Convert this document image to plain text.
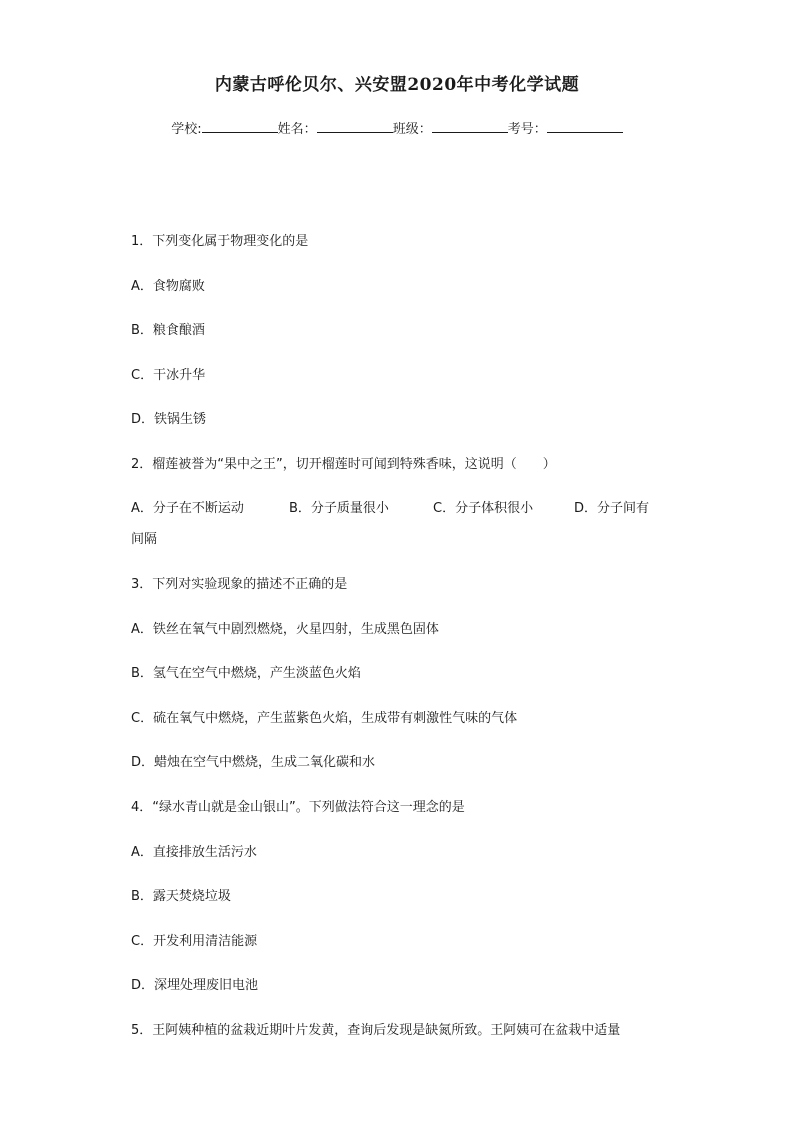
内蒙古呼伦贝尔、兴安盟2020年中考化学试题
学校:	姓名：	班级：	考号：
1．下列变化属于物理变化的是
A．食物腐败
B．粮食酿酒
C．干冰升华
D．铁锅生锈
2．榴莲被誉为“果中之王”，切开榴莲时可闻到特殊香味，这说明（　　）
A．分子在不断运动	B．分子质量很小	C．分子体积很小	D．分子间有
间隔
3．下列对实验现象的描述不正确的是
A．铁丝在氧气中剧烈燃烧，火星四射，生成黑色固体
B．氢气在空气中燃烧，产生淡蓝色火焰
C．硫在氧气中燃烧，产生蓝紫色火焰，生成带有刺激性气味的气体
D．蜡烛在空气中燃烧，生成二氧化碳和水
4．“绿水青山就是金山银山”。下列做法符合这一理念的是
A．直接排放生活污水
B．露天焚烧垃圾
C．开发利用清洁能源
D．深埋处理废旧电池
5．王阿姨种植的盆栽近期叶片发黄，查询后发现是缺氮所致。王阿姨可在盆栽中适量
